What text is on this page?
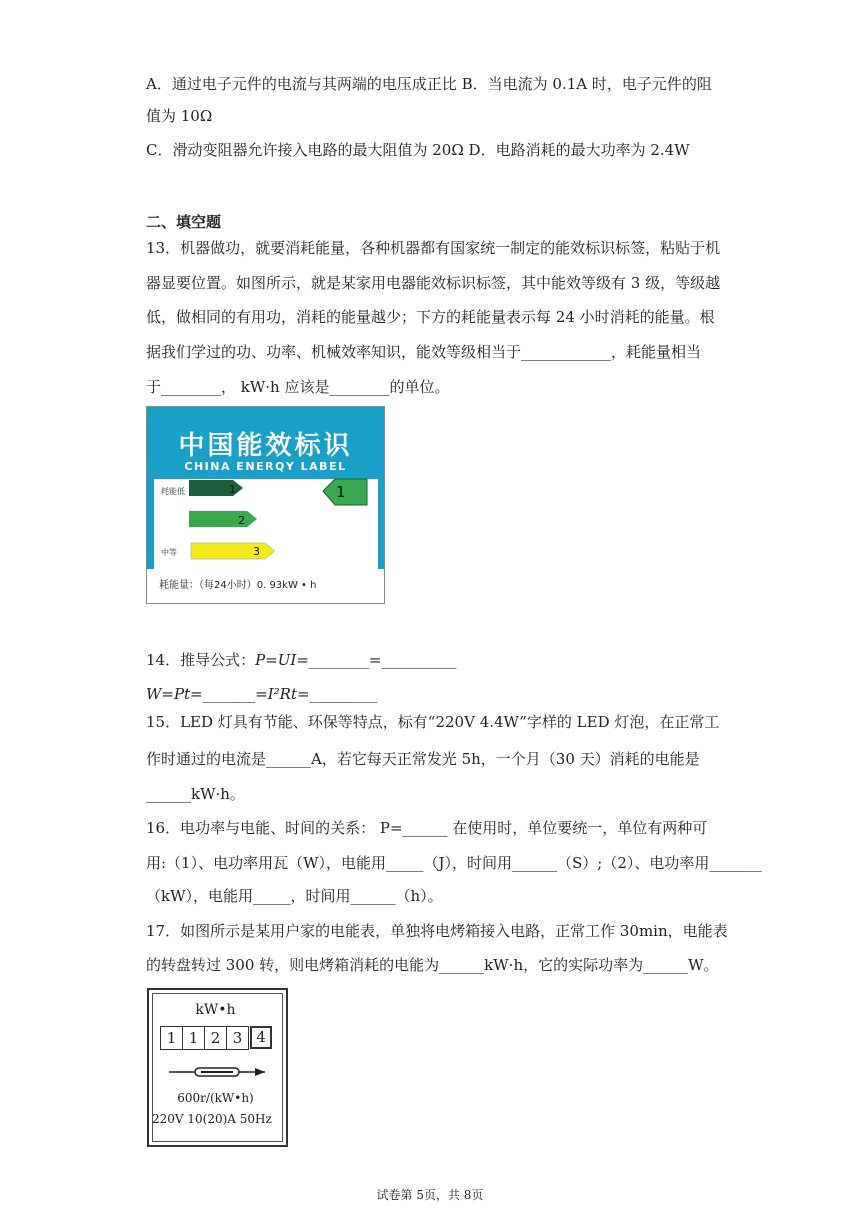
A．通过电子元件的电流与其两端的电压成正比 B．当电流为 0.1A 时，电子元件的阻
值为 10Ω
C．滑动变阻器允许接入电路的最大阻值为 20Ω D．电路消耗的最大功率为 2.4W
二、填空题
13．机器做功，就要消耗能量，各种机器都有国家统一制定的能效标识标签，粘贴于机
器显要位置。如图所示，就是某家用电器能效标识标签，其中能效等级有 3 级，等级越
低，做相同的有用功，消耗的能量越少；下方的耗能量表示每 24 小时消耗的能量。根
据我们学过的功、功率、机械效率知识，能效等级相当于____________，耗能量相当
于________， kW·h 应该是________的单位。
中国能效标识
CHINA ENERQY LABEL
耗能低
中等
1
2
3
1
耗能量：（每24小时）0. 93kW • h
14．推导公式：P=UI=________=__________
W=Pt=_______=I²Rt=_________
15．LED 灯具有节能、环保等特点，标有“220V 4.4W”字样的 LED 灯泡，在正常工
作时通过的电流是______A，若它每天正常发光 5h，一个月（30 天）消耗的电能是
______kW·h。
16．电功率与电能、时间的关系： P=______ 在使用时，单位要统一，单位有两种可
用:（1）、电功率用瓦（W），电能用_____（J），时间用______（S）;（2）、电功率用_______
（kW），电能用_____，时间用______（h）。
17．如图所示是某用户家的电能表，单独将电烤箱接入电路，正常工作 30min，电能表
的转盘转过 300 转，则电烤箱消耗的电能为______kW·h，它的实际功率为______W。
kW•h
1 1 2 3 4
600r/(kW•h)
220V 10(20)A 50Hz
试卷第 5页，共 8页
